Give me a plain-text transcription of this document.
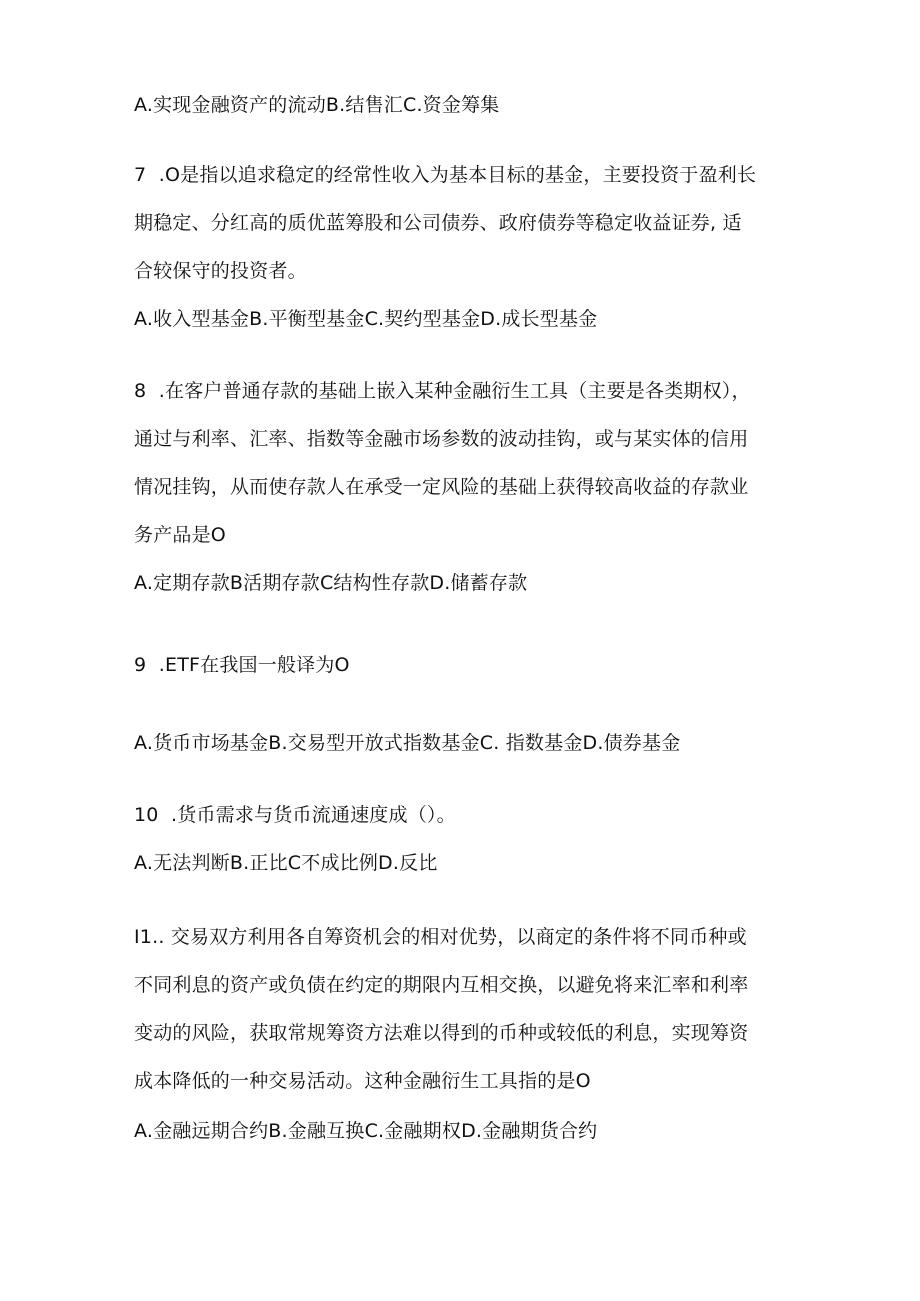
A.实现金融资产的流动B.结售汇C.资金筹集
7  .O是指以追求稳定的经常性收入为基本目标的基金，主要投资于盈利长
期稳定、分红高的质优蓝筹股和公司债券、政府债券等稳定收益证券, 适
合较保守的投资者。
A.收入型基金B.平衡型基金C.契约型基金D.成长型基金
8  .在客户普通存款的基础上嵌入某种金融衍生工具（主要是各类期权），
通过与利率、汇率、指数等金融市场参数的波动挂钩，或与某实体的信用
情况挂钩，从而使存款人在承受一定风险的基础上获得较高收益的存款业
务产品是O
A.定期存款B活期存款C结构性存款D.储蓄存款
9  .ETF在我国一般译为O
A.货币市场基金B.交易型开放式指数基金C. 指数基金D.债券基金
10  .货币需求与货币流通速度成（）。
A.无法判断B.正比C不成比例D.反比
I1.. 交易双方利用各自筹资机会的相对优势，以商定的条件将不同币种或
不同利息的资产或负债在约定的期限内互相交换，以避免将来汇率和利率
变动的风险，获取常规筹资方法难以得到的币种或较低的利息，实现筹资
成本降低的一种交易活动。这种金融衍生工具指的是O
A.金融远期合约B.金融互换C.金融期权D.金融期货合约
